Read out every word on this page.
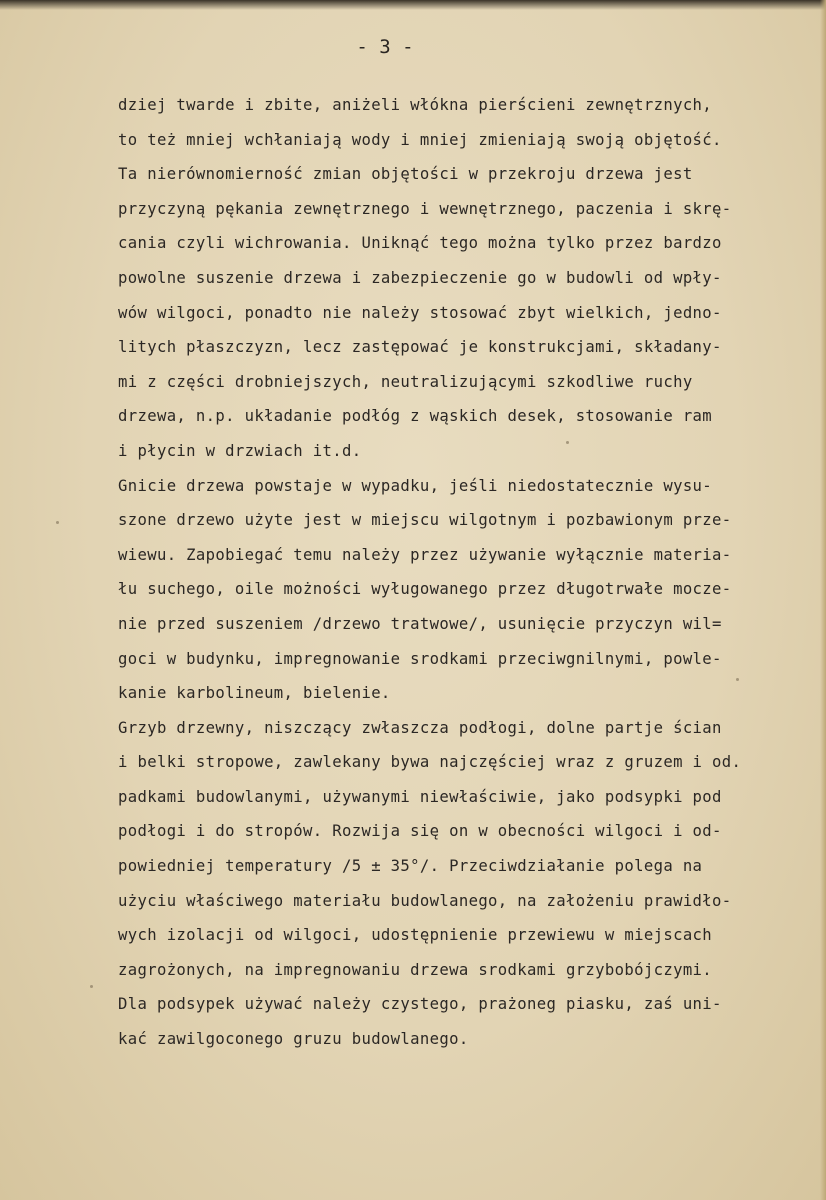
- 3 -
dziej twarde i zbite, aniżeli włókna pierścieni zewnętrznych,
to też mniej wchłaniają wody i mniej zmieniają swoją objętość.
Ta nierównomierność zmian objętości w przekroju drzewa jest
przyczyną pękania zewnętrznego i wewnętrznego, paczenia i skrę-
cania czyli wichrowania. Uniknąć tego można tylko przez bardzo
powolne suszenie drzewa i zabezpieczenie go w budowli od wpły-
wów wilgoci, ponadto nie należy stosować zbyt wielkich, jedno-
litych płaszczyzn, lecz zastępować je konstrukcjami, składany-
mi z części drobniejszych, neutralizującymi szkodliwe ruchy
drzewa, n.p. układanie podłóg z wąskich desek, stosowanie ram
i płycin w drzwiach it.d.
Gnicie drzewa powstaje w wypadku, jeśli niedostatecznie wysu-
szone drzewo użyte jest w miejscu wilgotnym i pozbawionym prze-
wiewu. Zapobiegać temu należy przez używanie wyłącznie materia-
łu suchego, oile możności wyługowanego przez długotrwałe mocze-
nie przed suszeniem /drzewo tratwowe/, usunięcie przyczyn wil=
goci w budynku, impregnowanie srodkami przeciwgnilnymi, powle-
kanie karbolineum, bielenie.
Grzyb drzewny, niszczący zwłaszcza podłogi, dolne partje ścian
i belki stropowe, zawlekany bywa najczęściej wraz z gruzem i od.
padkami budowlanymi, używanymi niewłaściwie, jako podsypki pod
podłogi i do stropów. Rozwija się on w obecności wilgoci i od-
powiedniej temperatury /5 ± 35°/. Przeciwdziałanie polega na
użyciu właściwego materiału budowlanego, na założeniu prawidło-
wych izolacji od wilgoci, udostępnienie przewiewu w miejscach
zagrożonych, na impregnowaniu drzewa srodkami grzybobójczymi.
Dla podsypek używać należy czystego, prażoneg piasku, zaś uni-
kać zawilgoconego gruzu budowlanego.
